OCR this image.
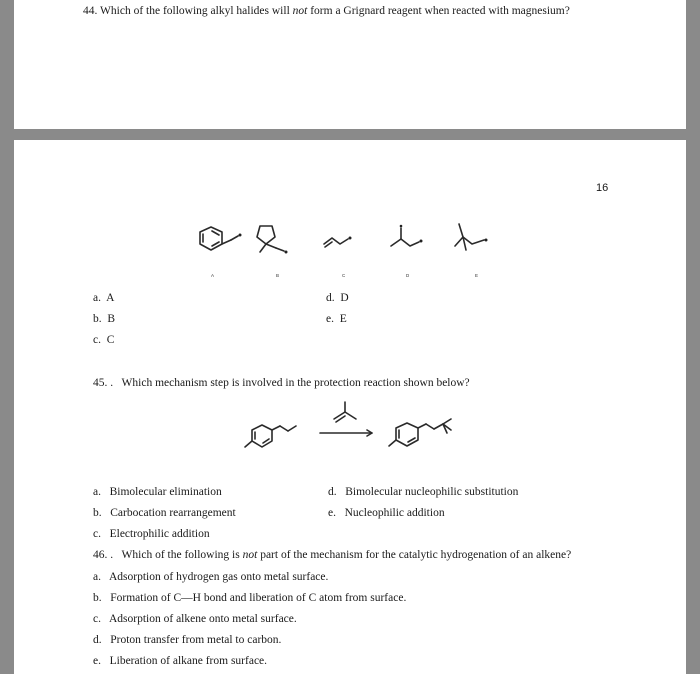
44. Which of the following alkyl halides will not form a Grignard reagent when reacted with magnesium?
16
A	B	C	D	E
a. A
b. B
c. C
d. D
e. E
45. . Which mechanism step is involved in the protection reaction shown below?
a. Bimolecular elimination
b. Carbocation rearrangement
c. Electrophilic addition
d. Bimolecular nucleophilic substitution
e. Nucleophilic addition
46. . Which of the following is not part of the mechanism for the catalytic hydrogenation of an alkene?
a. Adsorption of hydrogen gas onto metal surface.
b. Formation of C—H bond and liberation of C atom from surface.
c. Adsorption of alkene onto metal surface.
d. Proton transfer from metal to carbon.
e. Liberation of alkane from surface.
